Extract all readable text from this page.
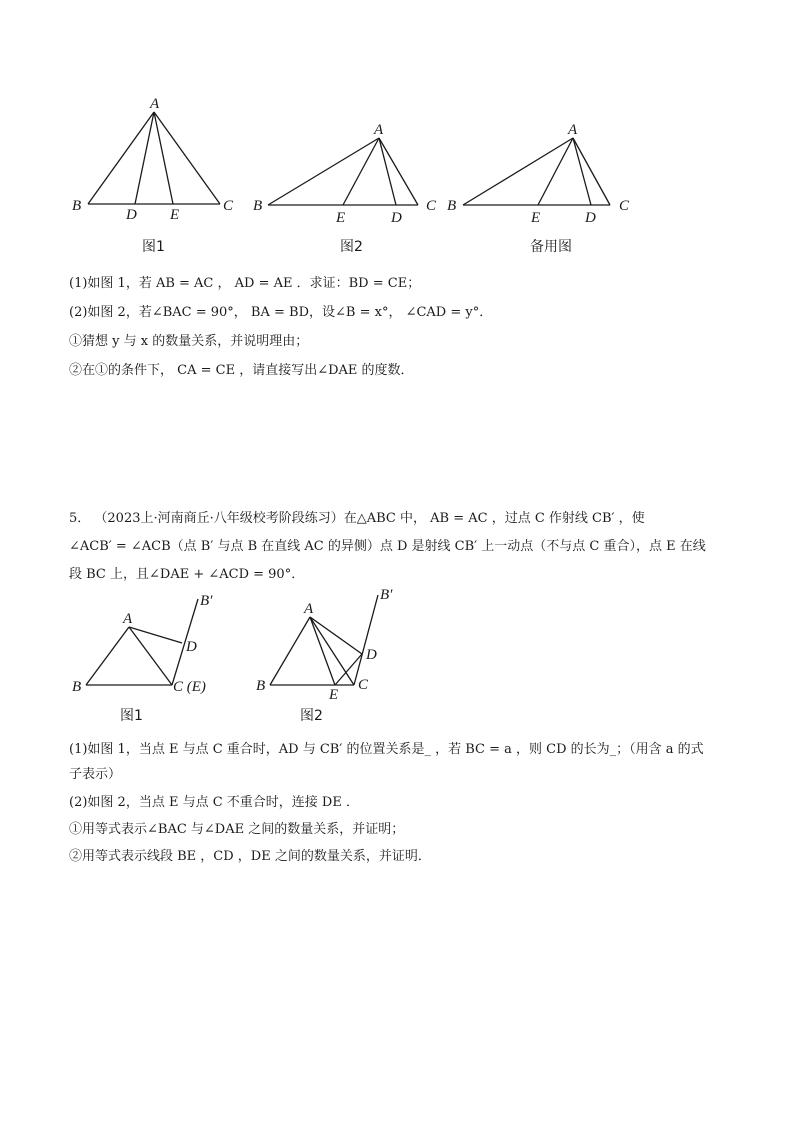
A
B	C
D E
图1
A
B	C
D
E
图2
A
B	C
D
E
备用图
(1)如图 1，若 AB = AC ， AD = AE ．求证：BD = CE；
(2)如图 2，若∠BAC = 90°， BA = BD，设∠B = x°， ∠CAD = y°．
①猜想 y 与 x 的数量关系，并说明理由；
②在①的条件下， CA = CE ，请直接写出∠DAE 的度数．
5． （2023上·河南商丘·八年级校考阶段练习）在△ABC 中， AB = AC ，过点 C 作射线 CB′ ，使
∠ACB′ = ∠ACB（点 B′ 与点 B 在直线 AC 的异侧）点 D 是射线 CB′ 上一动点（不与点 C 重合），点 E 在线
段 BC 上，且∠DAE + ∠ACD = 90°．
A
B
B′
D
C (E)
图1
A
B
B′
C
D
E
图2
(1)如图 1，当点 E 与点 C 重合时，AD 与 CB′ 的位置关系是_ ，若 BC = a ，则 CD 的长为_；（用含 a 的式
子表示）
(2)如图 2，当点 E 与点 C 不重合时，连接 DE ．
①用等式表示∠BAC 与∠DAE 之间的数量关系，并证明；
②用等式表示线段 BE ，CD ，DE 之间的数量关系，并证明．
